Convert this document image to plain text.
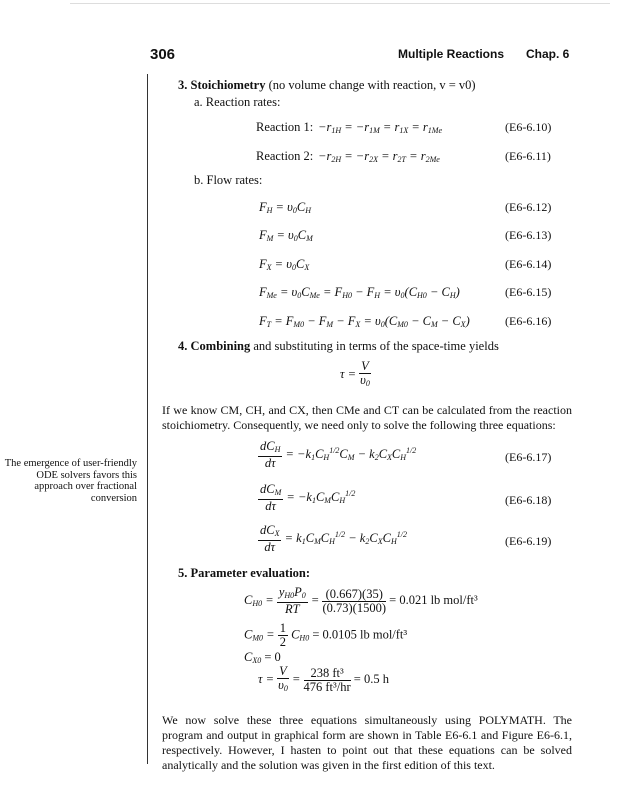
306	Multiple Reactions Chap. 6
The emergence of user-friendly ODE solvers favors this approach over fractional conversion
3. Stoichiometry (no volume change with reaction, v = v0)
a. Reaction rates:
Reaction 1: $-r_{1H} = -r_{1M} = r_{1X} = r_{1Me}$	(E6-6.10)
Reaction 2: $-r_{2H} = -r_{2X} = r_{2T} = r_{2Me}$	(E6-6.11)
b. Flow rates:
$F_H = \upsilon_0C_H$	(E6-6.12)
$F_M = \upsilon_0C_M$	(E6-6.13)
$F_X = \upsilon_0C_X$	(E6-6.14)
$F_{Me} = \upsilon_0C_{Me} = F_{H0} - F_H = \upsilon_0(C_{H0} - C_H)$	(E6-6.15)
$F_T = F_{M0} - F_M - F_X = \upsilon_0(C_{M0} - C_M - C_X)$	(E6-6.16)
4. Combining and substituting in terms of the space-time yields
$\tau = \frac{V}{\upsilon_0}$
If we know CM, CH, and CX, then CMe and CT can be calculated from the reaction stoichiometry. Consequently, we need only to solve the following three equations:
$\frac{dC_H}{d\tau} = -k_1C_H^{1/2}C_M - k_2C_XC_H^{1/2}$	(E6-6.17)
$\frac{dC_M}{d\tau} = -k_1C_MC_H^{1/2}$	(E6-6.18)
$\frac{dC_X}{d\tau} = k_1C_MC_H^{1/2} - k_2C_XC_H^{1/2}$	(E6-6.19)
5. Parameter evaluation:
$C_{H0} = \frac{y_{H0}P_0}{RT} = \frac{(0.667)(35)}{(0.73)(1500)} = 0.021$ lb mol/ft³
$C_{M0} = \frac{1}{2} C_{H0} = 0.0105$ lb mol/ft³
$C_{X0} = 0$
$\tau = \frac{V}{\upsilon_0} = \frac{\text{238 ft³}}{\text{476 ft³/hr}} = 0.5$ h
We now solve these three equations simultaneously using POLYMATH. The program and output in graphical form are shown in Table E6-6.1 and Figure E6-6.1, respectively. However, I hasten to point out that these equations can be solved analytically and the solution was given in the first edition of this text.
